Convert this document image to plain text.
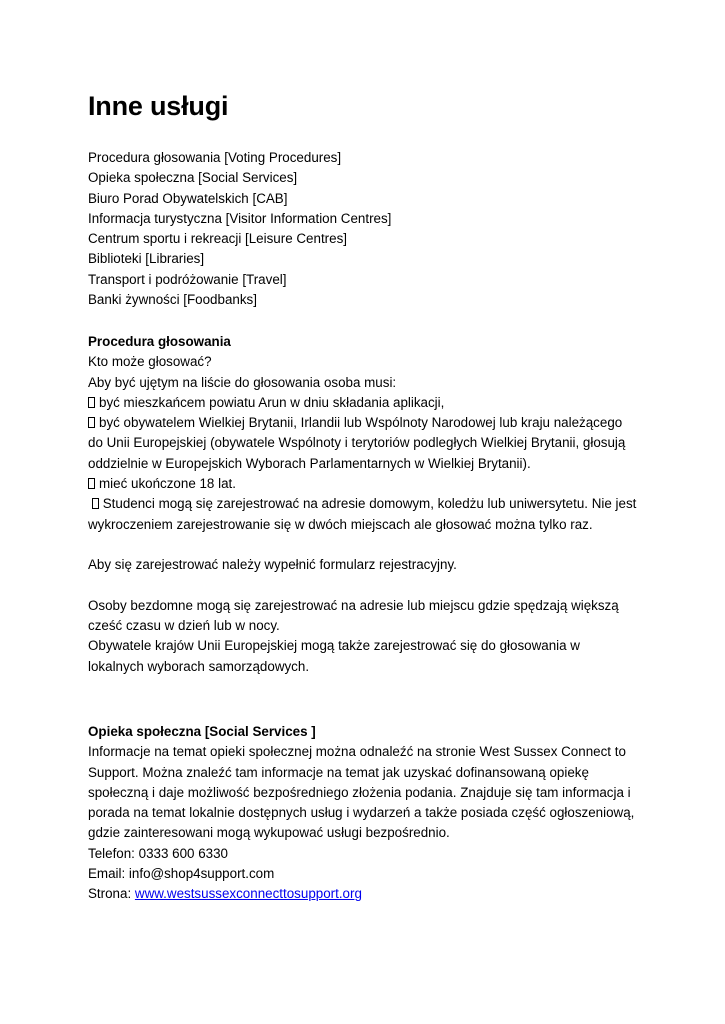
Inne usługi
Procedura głosowania [Voting Procedures]
Opieka społeczna [Social Services]
Biuro Porad Obywatelskich [CAB]
Informacja turystyczna [Visitor Information Centres]
Centrum sportu i rekreacji [Leisure Centres]
Biblioteki [Libraries]
Transport i podróżowanie [Travel]
Banki żywności [Foodbanks]
Procedura głosowania
Kto może głosować?
Aby być ujętym na liście do głosowania osoba musi:
być mieszkańcem powiatu Arun w dniu składania aplikacji,
być obywatelem Wielkiej Brytanii, Irlandii lub Wspólnoty Narodowej lub kraju należącego
do Unii Europejskiej (obywatele Wspólnoty i terytoriów podległych Wielkiej Brytanii, głosują
oddzielnie w Europejskich Wyborach Parlamentarnych w Wielkiej Brytanii).
mieć ukończone 18 lat.
Studenci mogą się zarejestrować na adresie domowym, koledżu lub uniwersytetu. Nie jest
wykroczeniem zarejestrowanie się w dwóch miejscach ale głosować można tylko raz.
Aby się zarejestrować należy wypełnić formularz rejestracyjny.
Osoby bezdomne mogą się zarejestrować na adresie lub miejscu gdzie spędzają większą
cześć czasu w dzień lub w nocy.
Obywatele krajów Unii Europejskiej mogą także zarejestrować się do głosowania w
lokalnych wyborach samorządowych.
Opieka społeczna [Social Services ]
Informacje na temat opieki społecznej można odnaleźć na stronie West Sussex Connect to
Support. Można znaleźć tam informacje na temat jak uzyskać dofinansowaną opiekę
społeczną i daje możliwość bezpośredniego złożenia podania. Znajduje się tam informacja i
porada na temat lokalnie dostępnych usług i wydarzeń a także posiada część ogłoszeniową,
gdzie zainteresowani mogą wykupować usługi bezpośrednio.
Telefon: 0333 600 6330
Email: info@shop4support.com
Strona: www.westsussexconnecttosupport.org
